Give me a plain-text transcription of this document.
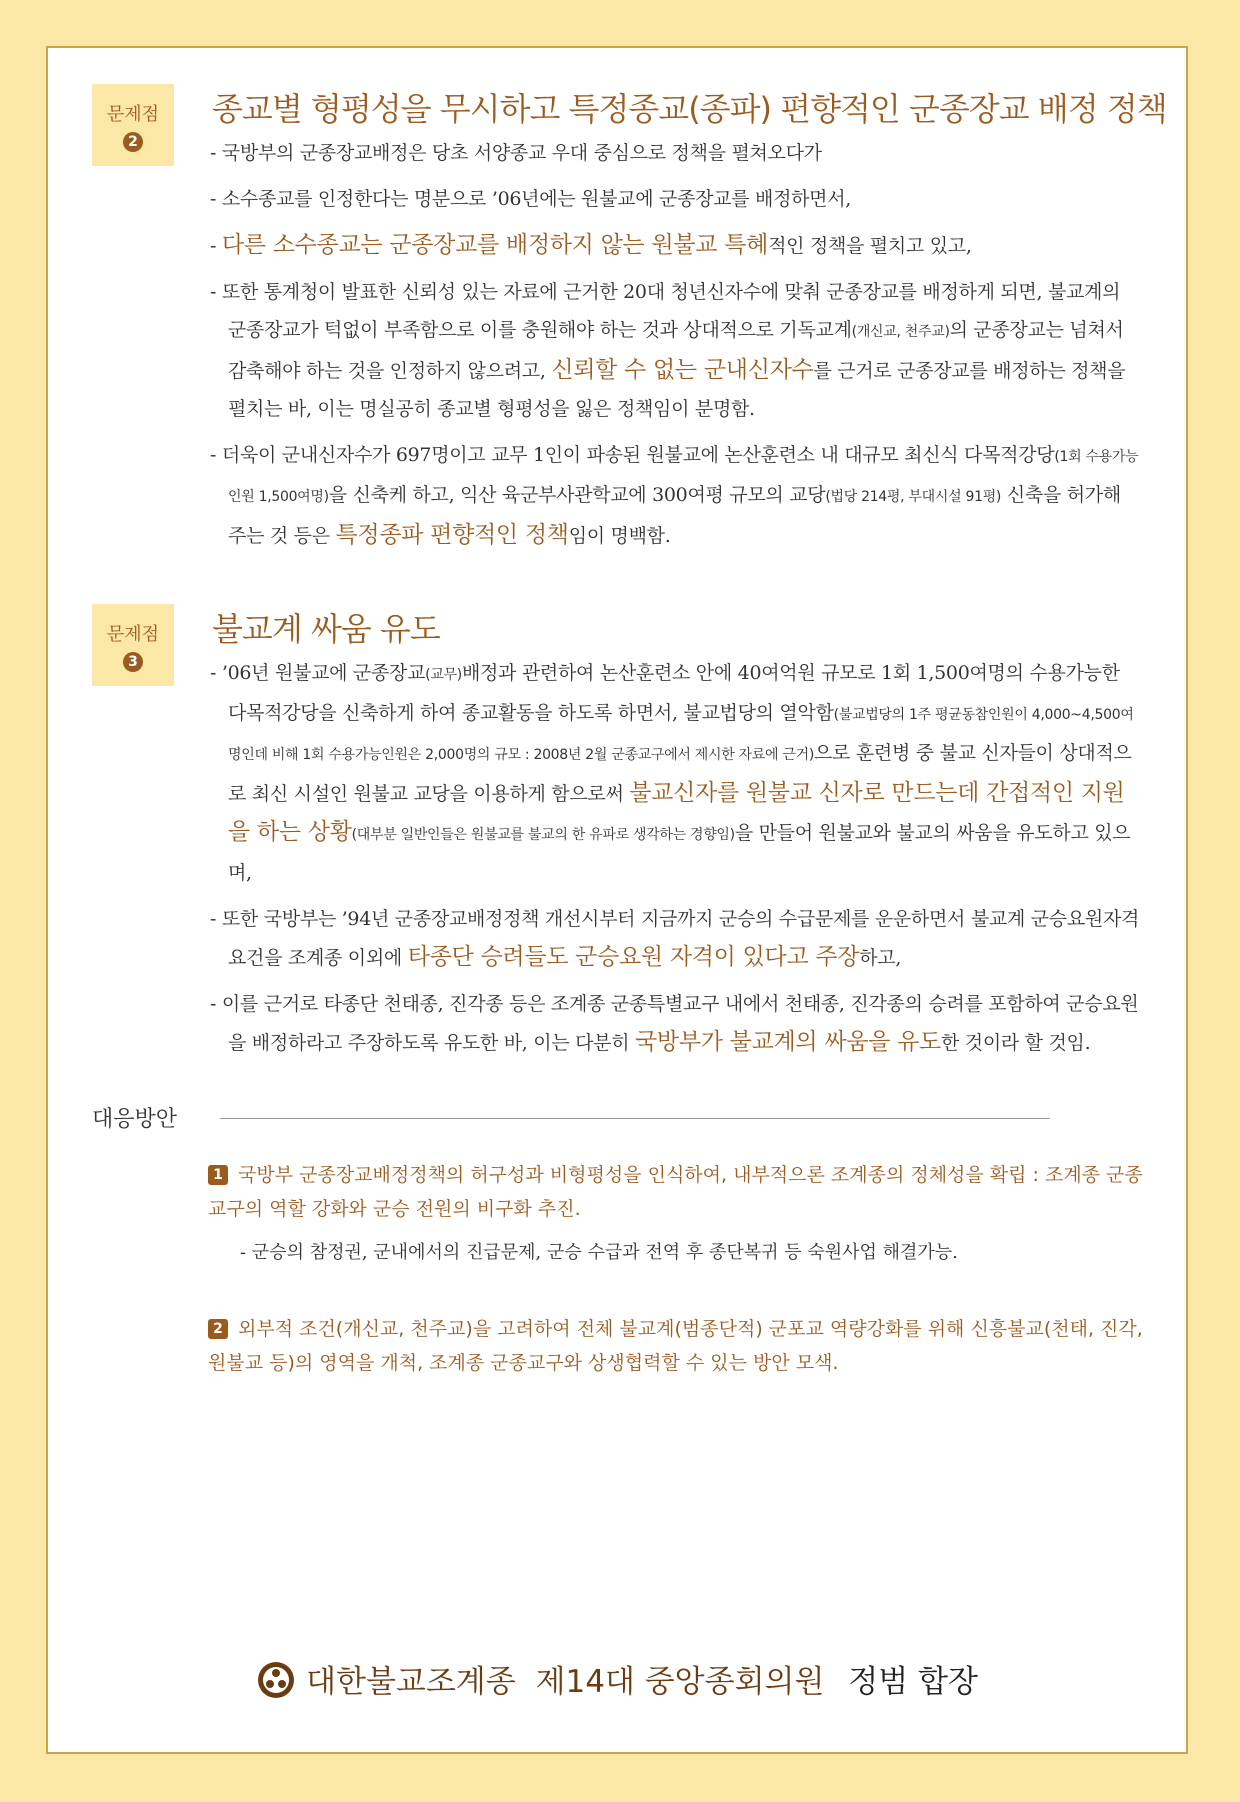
문제점
2
종교별 형평성을 무시하고 특정종교(종파) 편향적인 군종장교 배정 정책

- 국방부의 군종장교배정은 당초 서양종교 우대 중심으로 정책을 펼쳐오다가

- 소수종교를 인정한다는 명분으로 ’06년에는 원불교에 군종장교를 배정하면서,

- 다른 소수종교는 군종장교를 배정하지 않는 원불교 특혜적인 정책을 펼치고 있고,

- 또한 통계청이 발표한 신뢰성 있는 자료에 근거한 20대 청년신자수에 맞춰 군종장교를 배정하게 되면, 불교계의 군종장교가 턱없이 부족함으로 이를 충원해야 하는 것과 상대적으로 기독교계(개신교, 천주교)의 군종장교는 넘쳐서 감축해야 하는 것을 인정하지 않으려고, 신뢰할 수 없는 군내신자수를 근거로 군종장교를 배정하는 정책을 펼치는 바, 이는 명실공히 종교별 형평성을 잃은 정책임이 분명함.

- 더욱이 군내신자수가 697명이고 교무 1인이 파송된 원불교에 논산훈련소 내 대규모 최신식 다목적강당(1회 수용가능인원 1,500여명)을 신축케 하고, 익산 육군부사관학교에 300여평 규모의 교당(법당 214평, 부대시설 91평) 신축을 허가해 주는 것 등은 특정종파 편향적인 정책임이 명백함.

문제점
3
불교계 싸움 유도

- ’06년 원불교에 군종장교(교무)배정과 관련하여 논산훈련소 안에 40여억원 규모로 1회 1,500여명의 수용가능한 다목적강당을 신축하게 하여 종교활동을 하도록 하면서, 불교법당의 열악함(불교법당의 1주 평균동참인원이 4,000~4,500여명인데 비해 1회 수용가능인원은 2,000명의 규모 : 2008년 2월 군종교구에서 제시한 자료에 근거)으로 훈련병 중 불교 신자들이 상대적으로 최신 시설인 원불교 교당을 이용하게 함으로써 불교신자를 원불교 신자로 만드는데 간접적인 지원을 하는 상황(대부분 일반인들은 원불교를 불교의 한 유파로 생각하는 경향임)을 만들어 원불교와 불교의 싸움을 유도하고 있으며,

- 또한 국방부는 ’94년 군종장교배정정책 개선시부터 지금까지 군승의 수급문제를 운운하면서 불교계 군승요원자격요건을 조계종 이외에 타종단 승려들도 군승요원 자격이 있다고 주장하고,

- 이를 근거로 타종단 천태종, 진각종 등은 조계종 군종특별교구 내에서 천태종, 진각종의 승려를 포함하여 군승요원을 배정하라고 주장하도록 유도한 바, 이는 다분히 국방부가 불교계의 싸움을 유도한 것이라 할 것임.

대응방안
1 국방부 군종장교배정정책의 허구성과 비형평성을 인식하여, 내부적으론 조계종의 정체성을 확립 : 조계종 군종 교구의 역할 강화와 군승 전원의 비구화 추진.
- 군승의 참정권, 군내에서의 진급문제, 군승 수급과 전역 후 종단복귀 등 숙원사업 해결가능.
2 외부적 조건(개신교, 천주교)을 고려하여 전체 불교계(범종단적) 군포교 역량강화를 위해 신흥불교(천태, 진각, 원불교 등)의 영역을 개척, 조계종 군종교구와 상생협력할 수 있는 방안 모색.
대한불교조계종 제14대 중앙종회의원 정범 합장
